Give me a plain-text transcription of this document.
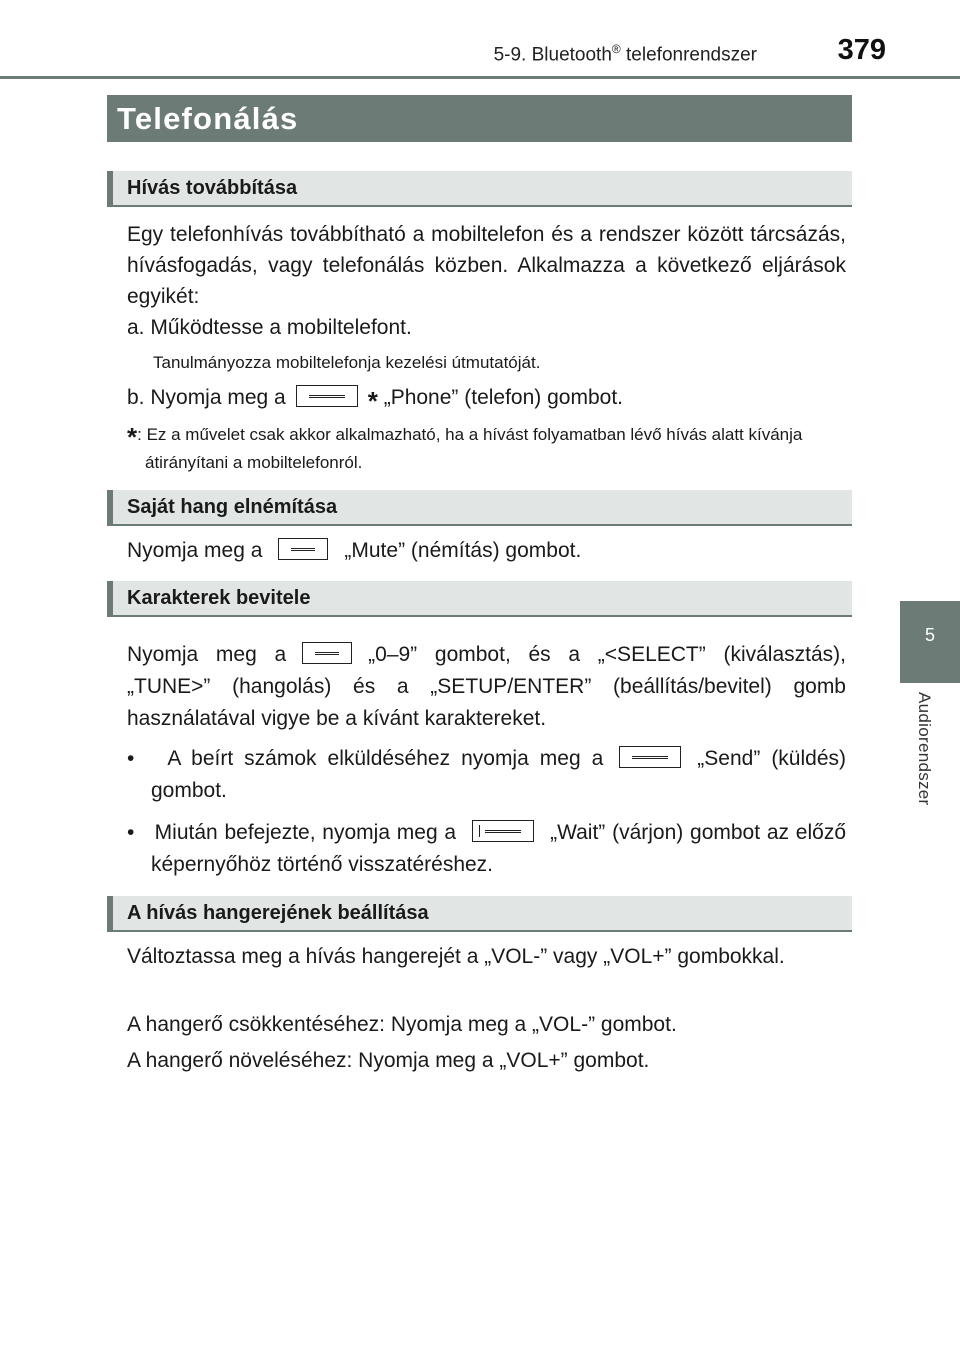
5-9. Bluetooth® telefonrendszer	379
5
Audiorendszer
Telefonálás
Hívás továbbítása

Egy telefonhívás továbbítható a mobiltelefon és a rendszer között tárcsázás, hívásfogadás, vagy telefonálás közben. Alkalmazza a következő eljárások egyikét:

a. Működtesse a mobiltelefont.

Tanulmányozza mobiltelefonja kezelési útmutatóját.

b. Nyomja meg a	* „Phone” (telefon) gombot.

*: Ez a művelet csak akkor alkalmazható, ha a hívást folyamatban lévő hívás alatt kívánja átirányítani a mobiltelefonról.

Saját hang elnémítása

Nyomja meg a	„Mute” (némítás) gombot.

Karakterek bevitele

Nyomja meg a	„0–9” gombot, és a „<SELECT” (kiválasztás), „TUNE>” (hangolás) és a „SETUP/ENTER” (beállítás/bevitel) gomb használatával vigye be a kívánt karaktereket.

•   A beírt számok elküldéséhez nyomja meg a	„Send” (küldés) gombot.

•   Miután befejezte, nyomja meg a	„Wait” (várjon) gombot az előző képernyőhöz történő visszatéréshez.

A hívás hangerejének beállítása

Változtassa meg a hívás hangerejét a „VOL-” vagy „VOL+” gombokkal.

A hangerő csökkentéséhez: Nyomja meg a „VOL-” gombot.

A hangerő növeléséhez: Nyomja meg a „VOL+” gombot.
